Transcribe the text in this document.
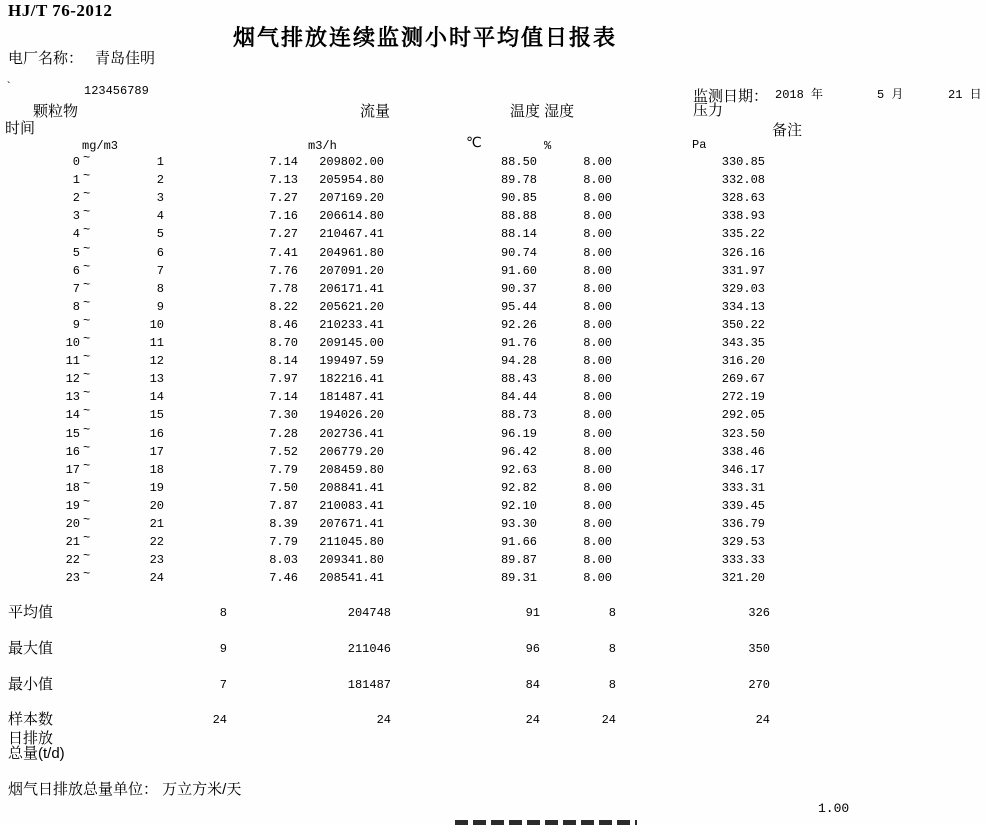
HJ/T 76-2012
烟气排放连续监测小时平均值日报表
电厂名称： 青岛佳明
`	123456789	监测日期： 2018 年	5 月	21 日
颗粒物	流量	温度 湿度	压力
时间	备注
mg/m3	m3/h	℃	%	Pa
0 ~	1	7.14	209802.00	88.50	8.00	330.85
1 ~	2	7.13	205954.80	89.78	8.00	332.08
2 ~	3	7.27	207169.20	90.85	8.00	328.63
3 ~	4	7.16	206614.80	88.88	8.00	338.93
4 ~	5	7.27	210467.41	88.14	8.00	335.22
5 ~	6	7.41	204961.80	90.74	8.00	326.16
6 ~	7	7.76	207091.20	91.60	8.00	331.97
7 ~	8	7.78	206171.41	90.37	8.00	329.03
8 ~	9	8.22	205621.20	95.44	8.00	334.13
9 ~	10	8.46	210233.41	92.26	8.00	350.22
10 ~	11	8.70	209145.00	91.76	8.00	343.35
11 ~	12	8.14	199497.59	94.28	8.00	316.20
12 ~	13	7.97	182216.41	88.43	8.00	269.67
13 ~	14	7.14	181487.41	84.44	8.00	272.19
14 ~	15	7.30	194026.20	88.73	8.00	292.05
15 ~	16	7.28	202736.41	96.19	8.00	323.50
16 ~	17	7.52	206779.20	96.42	8.00	338.46
17 ~	18	7.79	208459.80	92.63	8.00	346.17
18 ~	19	7.50	208841.41	92.82	8.00	333.31
19 ~	20	7.87	210083.41	92.10	8.00	339.45
20 ~	21	8.39	207671.41	93.30	8.00	336.79
21 ~	22	7.79	211045.80	91.66	8.00	329.53
22 ~	23	8.03	209341.80	89.87	8.00	333.33
23 ~	24	7.46	208541.41	89.31	8.00	321.20
平均值	8	204748	91	8	326
最大值	9	211046	96	8	350
最小值	7	181487	84	8	270
样本数	24	24	24	24	24
日排放
总量(t/d)
烟气日排放总量单位： 万立方米/天
1.00
